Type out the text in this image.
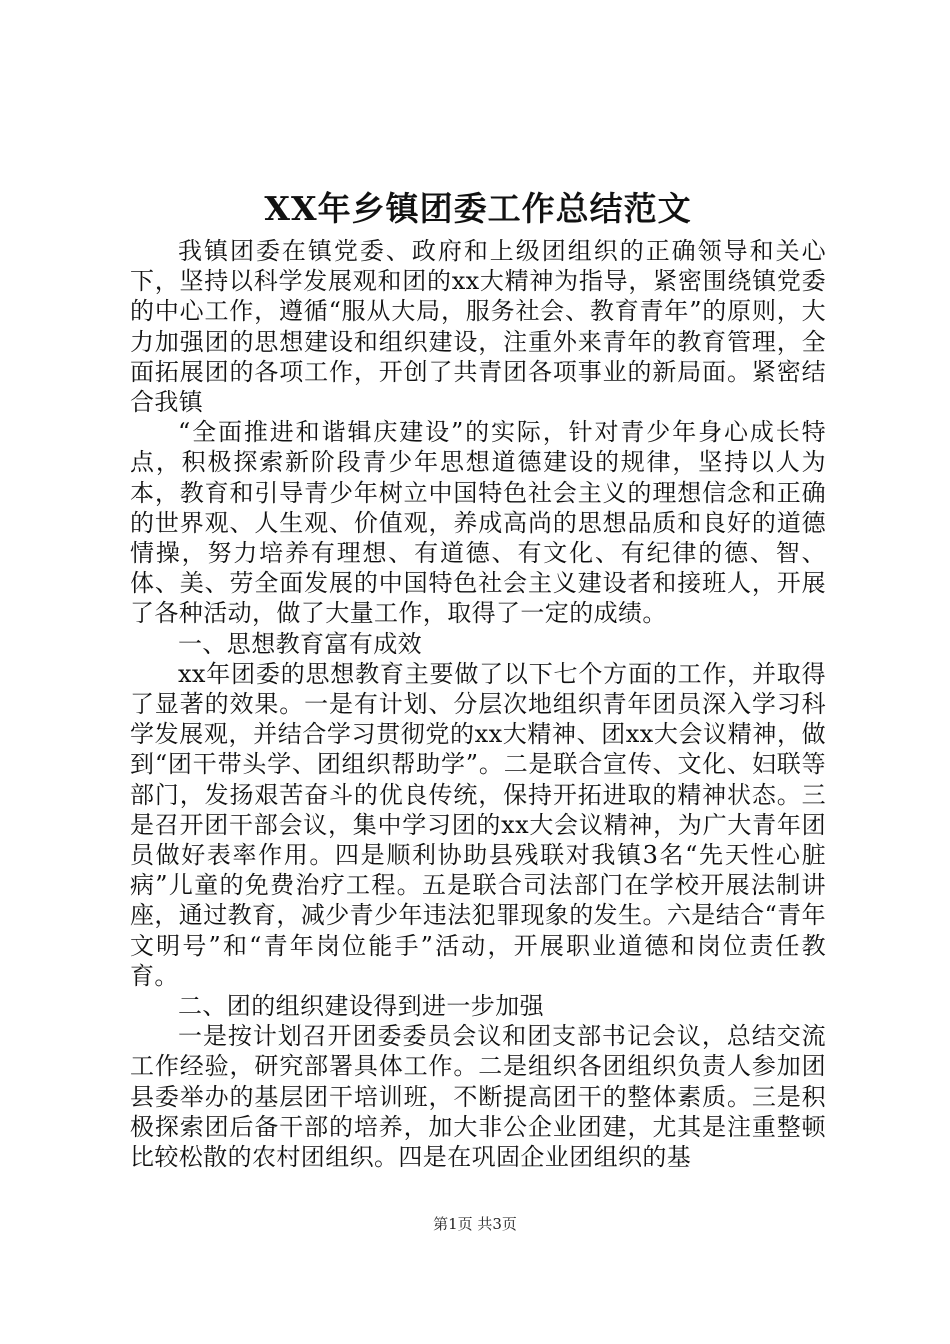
XX年乡镇团委工作总结范文

我镇团委在镇党委、政府和上级团组织的正确领导和关心下，坚持以科学发展观和团的xx大精神为指导，紧密围绕镇党委的中心工作，遵循“服从大局，服务社会、教育青年”的原则，大力加强团的思想建设和组织建设，注重外来青年的教育管理，全面拓展团的各项工作，开创了共青团各项事业的新局面。紧密结合我镇

“全面推进和谐辑庆建设”的实际，针对青少年身心成长特点，积极探索新阶段青少年思想道德建设的规律，坚持以人为本，教育和引导青少年树立中国特色社会主义的理想信念和正确的世界观、人生观、价值观，养成高尚的思想品质和良好的道德情操，努力培养有理想、有道德、有文化、有纪律的德、智、体、美、劳全面发展的中国特色社会主义建设者和接班人，开展了各种活动，做了大量工作，取得了一定的成绩。

一、思想教育富有成效

xx年团委的思想教育主要做了以下七个方面的工作，并取得了显著的效果。一是有计划、分层次地组织青年团员深入学习科学发展观，并结合学习贯彻党的xx大精神、团xx大会议精神，做到“团干带头学、团组织帮助学”。二是联合宣传、文化、妇联等部门，发扬艰苦奋斗的优良传统，保持开拓进取的精神状态。三是召开团干部会议，集中学习团的xx大会议精神，为广大青年团员做好表率作用。四是顺利协助县残联对我镇3名“先天性心脏病”儿童的免费治疗工程。五是联合司法部门在学校开展法制讲座，通过教育，减少青少年违法犯罪现象的发生。六是结合“青年文明号”和“青年岗位能手”活动，开展职业道德和岗位责任教育。

二、团的组织建设得到进一步加强

一是按计划召开团委委员会议和团支部书记会议，总结交流工作经验，研究部署具体工作。二是组织各团组织负责人参加团县委举办的基层团干培训班，不断提高团干的整体素质。三是积极探索团后备干部的培养，加大非公企业团建，尤其是注重整顿比较松散的农村团组织。四是在巩固企业团组织的基

第1页 共3页
